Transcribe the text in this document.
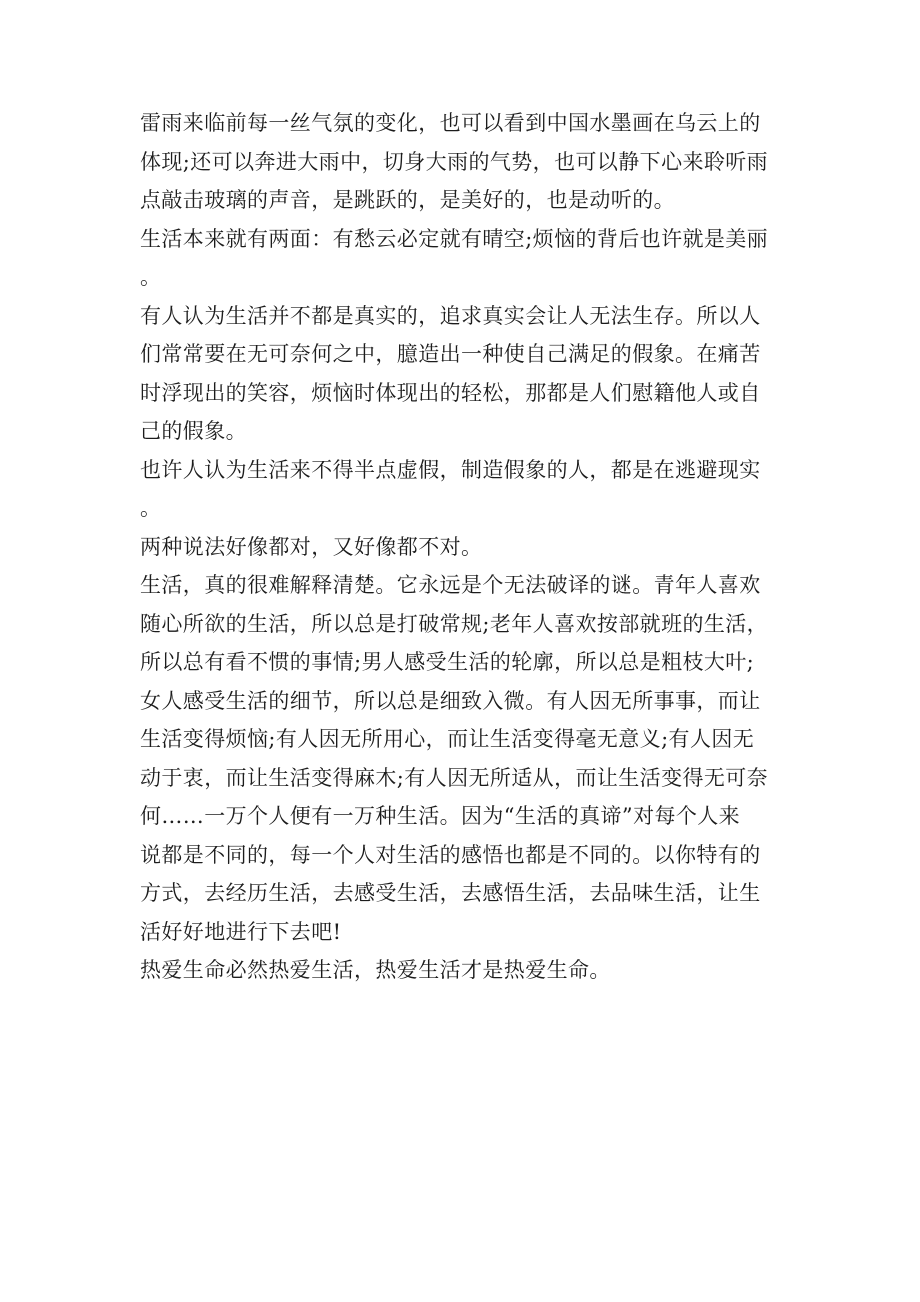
雷雨来临前每一丝气氛的变化，也可以看到中国水墨画在乌云上的
体现;还可以奔进大雨中，切身大雨的气势，也可以静下心来聆听雨
点敲击玻璃的声音，是跳跃的，是美好的，也是动听的。
生活本来就有两面：有愁云必定就有晴空;烦恼的背后也许就是美丽
。
有人认为生活并不都是真实的，追求真实会让人无法生存。所以人
们常常要在无可奈何之中，臆造出一种使自己满足的假象。在痛苦
时浮现出的笑容，烦恼时体现出的轻松，那都是人们慰籍他人或自
己的假象。
也许人认为生活来不得半点虚假，制造假象的人，都是在逃避现实
。
两种说法好像都对，又好像都不对。
生活，真的很难解释清楚。它永远是个无法破译的谜。青年人喜欢
随心所欲的生活，所以总是打破常规;老年人喜欢按部就班的生活，
所以总有看不惯的事情;男人感受生活的轮廓，所以总是粗枝大叶;
女人感受生活的细节，所以总是细致入微。有人因无所事事，而让
生活变得烦恼;有人因无所用心，而让生活变得毫无意义;有人因无
动于衷，而让生活变得麻木;有人因无所适从，而让生活变得无可奈
何……一万个人便有一万种生活。因为“生活的真谛”对每个人来
说都是不同的，每一个人对生活的感悟也都是不同的。以你特有的
方式，去经历生活，去感受生活，去感悟生活，去品味生活，让生
活好好地进行下去吧!
热爱生命必然热爱生活，热爱生活才是热爱生命。
